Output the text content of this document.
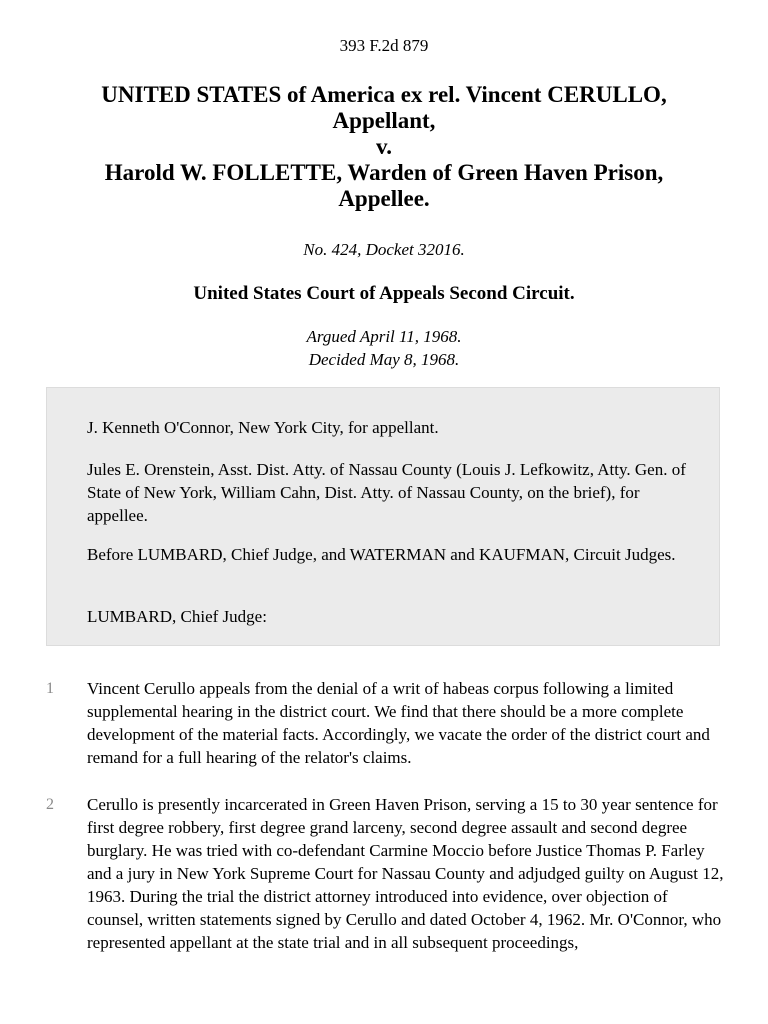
393 F.2d 879
UNITED STATES of America ex rel. Vincent CERULLO,
Appellant,
v.
Harold W. FOLLETTE, Warden of Green Haven Prison,
Appellee.
No. 424, Docket 32016.
United States Court of Appeals Second Circuit.
Argued April 11, 1968.
Decided May 8, 1968.

J. Kenneth O'Connor, New York City, for appellant.

Jules E. Orenstein, Asst. Dist. Atty. of Nassau County (Louis J. Lefkowitz, Atty. Gen. of State of New York, William Cahn, Dist. Atty. of Nassau County, on the brief), for appellee.

Before LUMBARD, Chief Judge, and WATERMAN and KAUFMAN, Circuit Judges.

LUMBARD, Chief Judge:

1	Vincent Cerullo appeals from the denial of a writ of habeas corpus following a limited supplemental hearing in the district court. We find that there should be a more complete development of the material facts. Accordingly, we vacate the order of the district court and remand for a full hearing of the relator's claims.

2	Cerullo is presently incarcerated in Green Haven Prison, serving a 15 to 30 year sentence for first degree robbery, first degree grand larceny, second degree assault and second degree burglary. He was tried with co-defendant Carmine Moccio before Justice Thomas P. Farley and a jury in New York Supreme Court for Nassau County and adjudged guilty on August 12, 1963. During the trial the district attorney introduced into evidence, over objection of counsel, written statements signed by Cerullo and dated October 4, 1962. Mr. O'Connor, who represented appellant at the state trial and in all subsequent proceedings,
